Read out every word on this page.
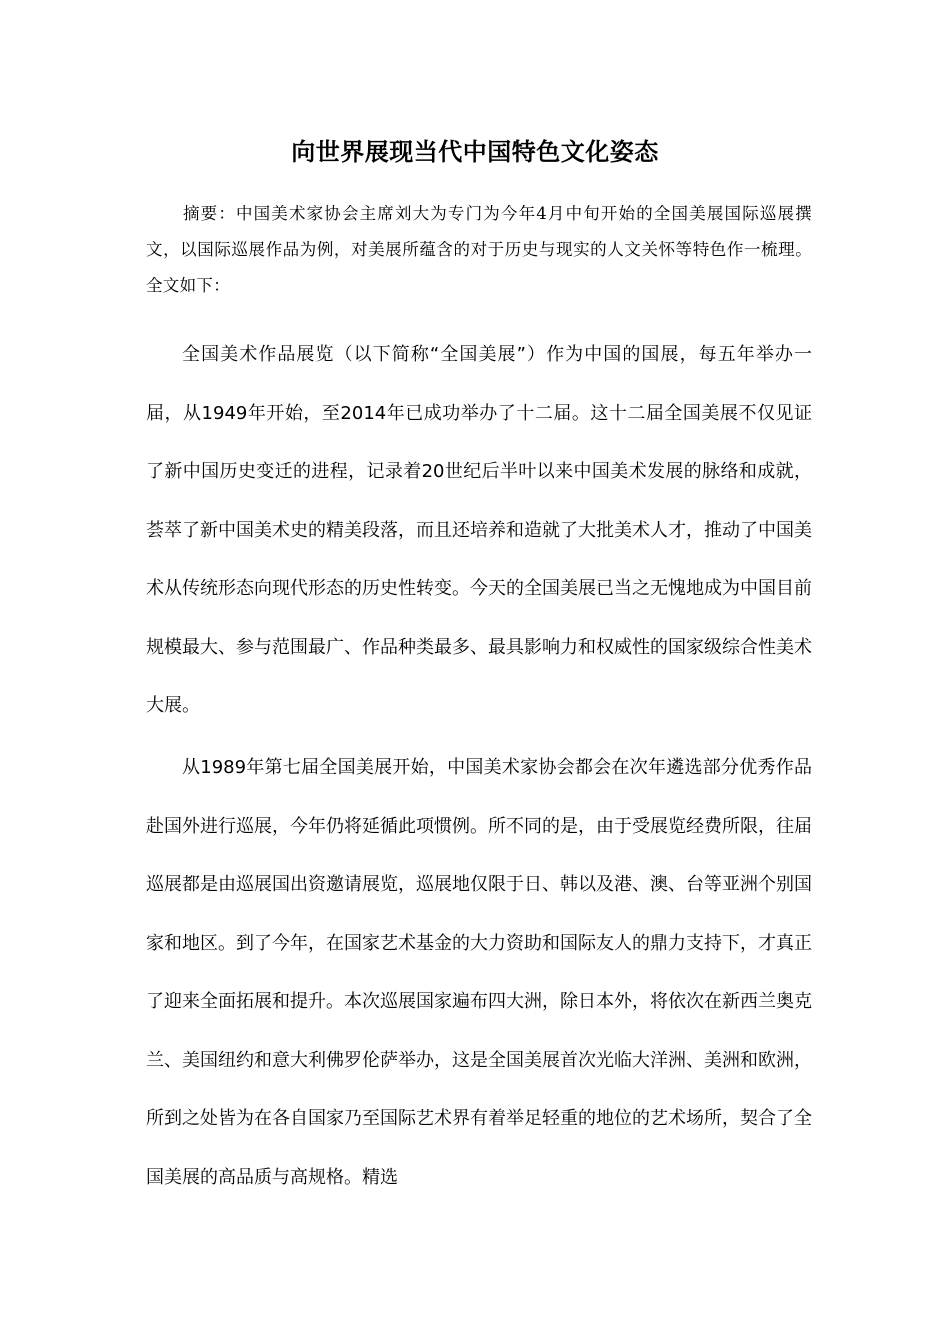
向世界展现当代中国特色文化姿态

摘要：中国美术家协会主席刘大为专门为今年4月中旬开始的全国美展国际巡展撰文，以国际巡展作品为例，对美展所蕴含的对于历史与现实的人文关怀等特色作一梳理。全文如下：

全国美术作品展览（以下简称“全国美展”）作为中国的国展，每五年举办一届，从1949年开始，至2014年已成功举办了十二届。这十二届全国美展不仅见证了新中国历史变迁的进程，记录着20世纪后半叶以来中国美术发展的脉络和成就，荟萃了新中国美术史的精美段落，而且还培养和造就了大批美术人才，推动了中国美术从传统形态向现代形态的历史性转变。今天的全国美展已当之无愧地成为中国目前规模最大、参与范围最广、作品种类最多、最具影响力和权威性的国家级综合性美术大展。

从1989年第七届全国美展开始，中国美术家协会都会在次年遴选部分优秀作品赴国外进行巡展，今年仍将延循此项惯例。所不同的是，由于受展览经费所限，往届巡展都是由巡展国出资邀请展览，巡展地仅限于日、韩以及港、澳、台等亚洲个别国家和地区。到了今年，在国家艺术基金的大力资助和国际友人的鼎力支持下，才真正了迎来全面拓展和提升。本次巡展国家遍布四大洲，除日本外，将依次在新西兰奥克兰、美国纽约和意大利佛罗伦萨举办，这是全国美展首次光临大洋洲、美洲和欧洲，所到之处皆为在各自国家乃至国际艺术界有着举足轻重的地位的艺术场所，契合了全国美展的高品质与高规格。精选
